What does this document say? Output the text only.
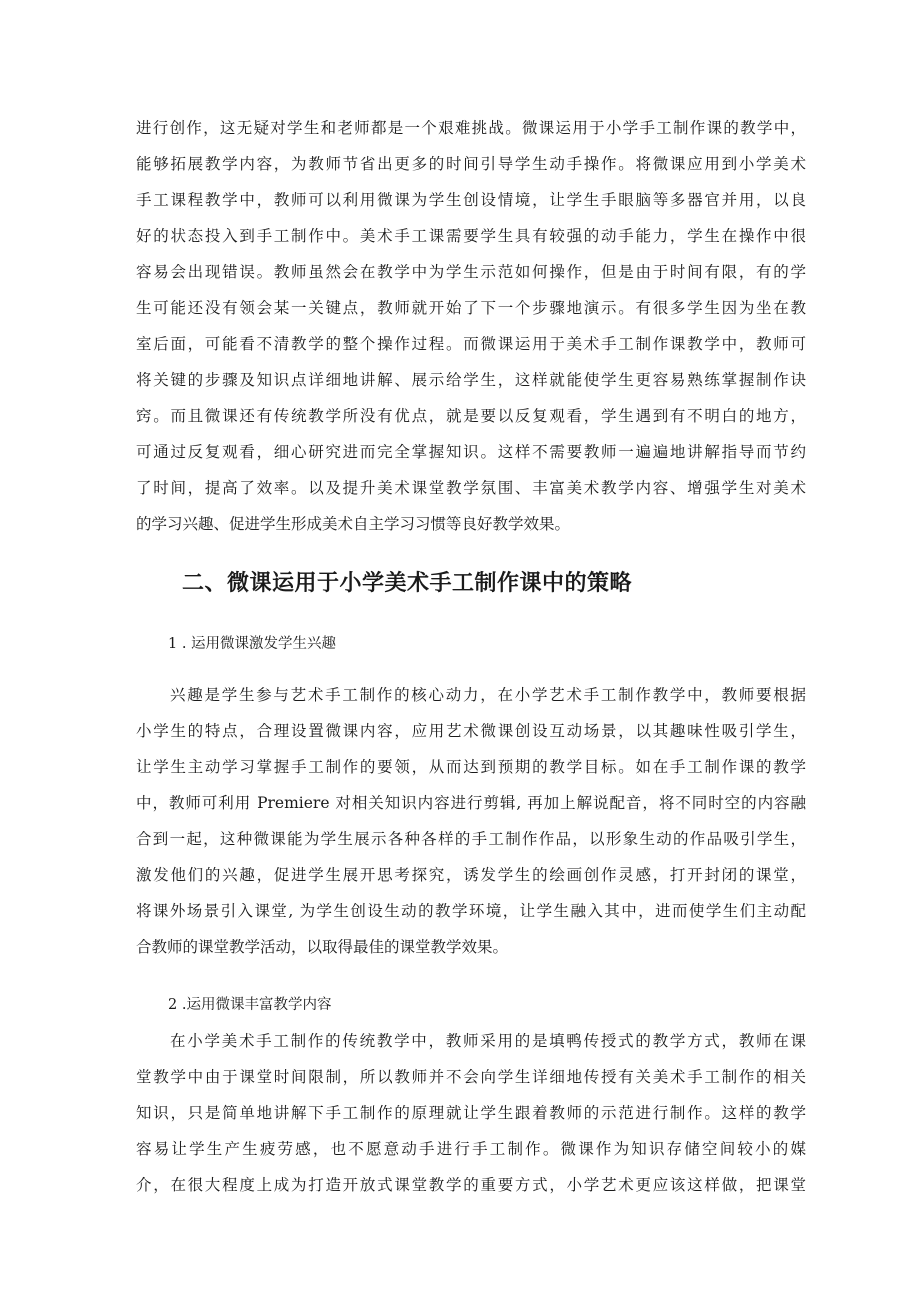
进行创作，这无疑对学生和老师都是一个艰难挑战。微课运用于小学手工制作课的教学中，
能够拓展教学内容，为教师节省出更多的时间引导学生动手操作。将微课应用到小学美术
手工课程教学中，教师可以利用微课为学生创设情境，让学生手眼脑等多器官并用，以良
好的状态投入到手工制作中。美术手工课需要学生具有较强的动手能力，学生在操作中很
容易会出现错误。教师虽然会在教学中为学生示范如何操作，但是由于时间有限，有的学
生可能还没有领会某一关键点，教师就开始了下一个步骤地演示。有很多学生因为坐在教
室后面，可能看不清教学的整个操作过程。而微课运用于美术手工制作课教学中，教师可
将关键的步骤及知识点详细地讲解、展示给学生，这样就能使学生更容易熟练掌握制作诀
窍。而且微课还有传统教学所没有优点，就是要以反复观看，学生遇到有不明白的地方，
可通过反复观看，细心研究进而完全掌握知识。这样不需要教师一遍遍地讲解指导而节约
了时间，提高了效率。以及提升美术课堂教学氛围、丰富美术教学内容、增强学生对美术
的学习兴趣、促进学生形成美术自主学习习惯等良好教学效果。
二、微课运用于小学美术手工制作课中的策略
1 . 运用微课激发学生兴趣
兴趣是学生参与艺术手工制作的核心动力，在小学艺术手工制作教学中，教师要根据
小学生的特点，合理设置微课内容，应用艺术微课创设互动场景，以其趣味性吸引学生，
让学生主动学习掌握手工制作的要领，从而达到预期的教学目标。如在手工制作课的教学
中，教师可利用 Premiere 对相关知识内容进行剪辑, 再加上解说配音，将不同时空的内容融
合到一起，这种微课能为学生展示各种各样的手工制作作品，以形象生动的作品吸引学生，
激发他们的兴趣，促进学生展开思考探究，诱发学生的绘画创作灵感，打开封闭的课堂，
将课外场景引入课堂, 为学生创设生动的教学环境，让学生融入其中，进而使学生们主动配
合教师的课堂教学活动，以取得最佳的课堂教学效果。
2 .运用微课丰富教学内容
在小学美术手工制作的传统教学中，教师采用的是填鸭传授式的教学方式，教师在课
堂教学中由于课堂时间限制，所以教师并不会向学生详细地传授有关美术手工制作的相关
知识，只是简单地讲解下手工制作的原理就让学生跟着教师的示范进行制作。这样的教学
容易让学生产生疲劳感，也不愿意动手进行手工制作。微课作为知识存储空间较小的媒
介，在很大程度上成为打造开放式课堂教学的重要方式，小学艺术更应该这样做，把课堂
